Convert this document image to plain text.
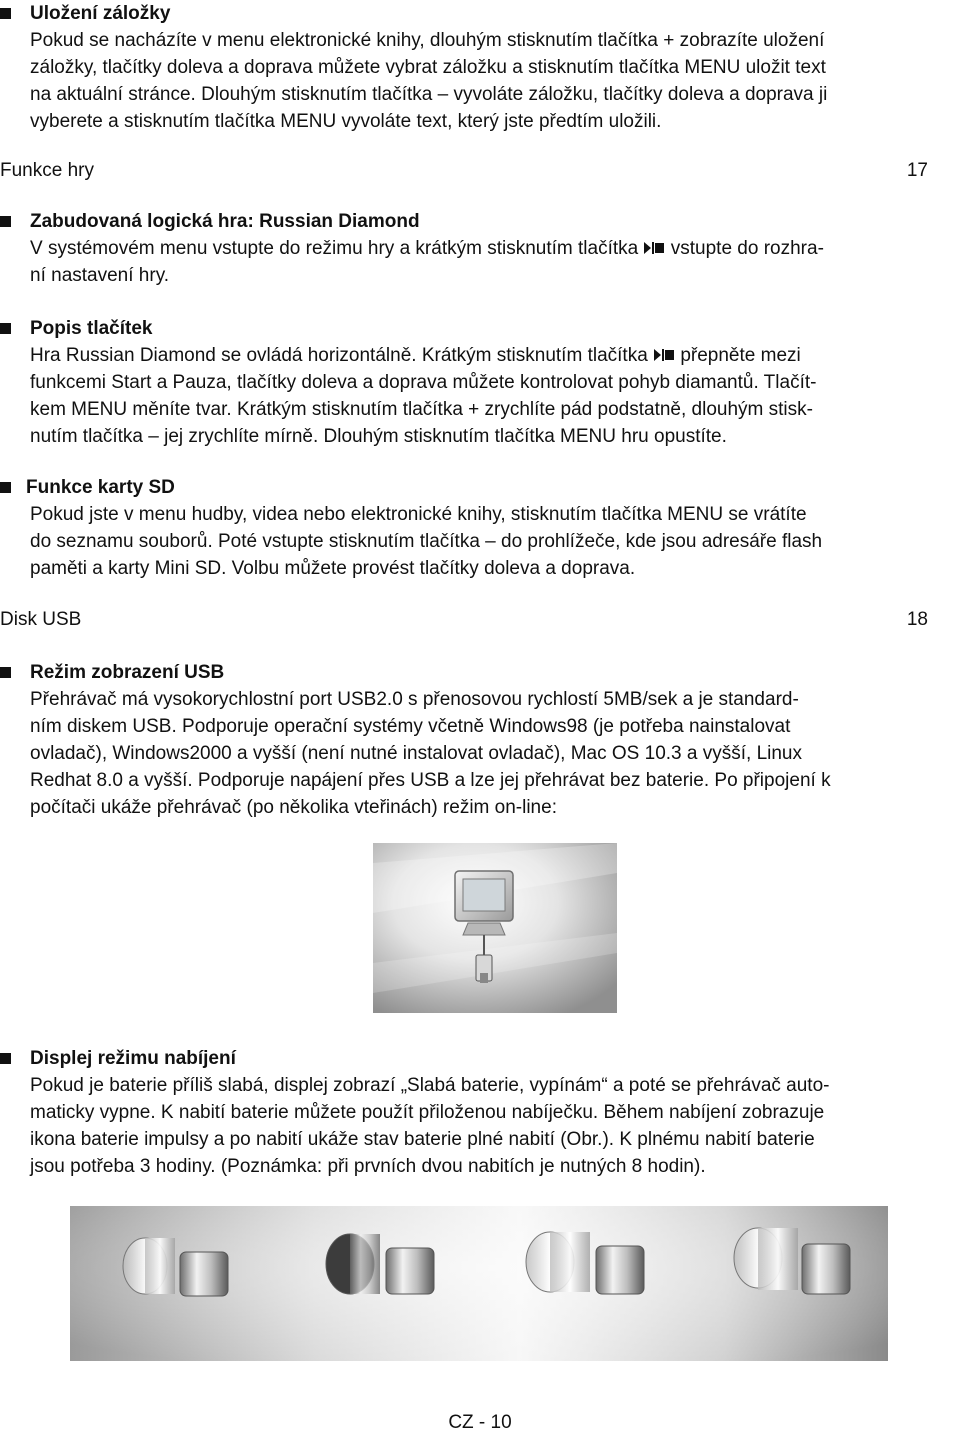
Uložení záložky
Pokud se nacházíte v menu elektronické knihy, dlouhým stisknutím tlačítka + zobrazíte uložení
záložky, tlačítky doleva a doprava můžete vybrat záložku a stisknutím tlačítka MENU uložit text
na aktuální stránce. Dlouhým stisknutím tlačítka – vyvoláte záložku, tlačítky doleva a doprava ji
vyberete a stisknutím tlačítka MENU vyvoláte text, který jste předtím uložili.
Funkce hry	17
Zabudovaná logická hra: Russian Diamond
V systémovém menu vstupte do režimu hry a krátkým stisknutím tlačítka
vstupte do rozhra-
ní nastavení hry.
Popis tlačítek
Hra Russian Diamond se ovládá horizontálně. Krátkým stisknutím tlačítka
přepněte mezi
funkcemi Start a Pauza, tlačítky doleva a doprava můžete kontrolovat pohyb diamantů. Tlačít-
kem MENU měníte tvar. Krátkým stisknutím tlačítka + zrychlíte pád podstatně, dlouhým stisk-
nutím tlačítka – jej zrychlíte mírně. Dlouhým stisknutím tlačítka MENU hru opustíte.
Funkce karty SD
Pokud jste v menu hudby, videa nebo elektronické knihy, stisknutím tlačítka MENU se vrátíte
do seznamu souborů. Poté vstupte stisknutím tlačítka – do prohlížeče, kde jsou adresáře flash
paměti a karty Mini SD. Volbu můžete provést tlačítky doleva a doprava.
Disk USB	18
Režim zobrazení USB
Přehrávač má vysokorychlostní port USB2.0 s přenosovou rychlostí 5MB/sek a je standard-
ním diskem USB. Podporuje operační systémy včetně Windows98 (je potřeba nainstalovat
ovladač), Windows2000 a vyšší (není nutné instalovat ovladač), Mac OS 10.3 a vyšší, Linux
Redhat 8.0 a vyšší. Podporuje napájení přes USB a lze jej přehrávat bez baterie. Po připojení k
počítači ukáže přehrávač (po několika vteřinách) režim on-line:
Displej režimu nabíjení
Pokud je baterie příliš slabá, displej zobrazí „Slabá baterie, vypínám“ a poté se přehrávač auto-
maticky vypne. K nabití baterie můžete použít přiloženou nabíječku. Během nabíjení zobrazuje
ikona baterie impulsy a po nabití ukáže stav baterie plné nabití (Obr.). K plnému nabití baterie
jsou potřeba 3 hodiny. (Poznámka: při prvních dvou nabitích je nutných 8 hodin).
CZ - 10
